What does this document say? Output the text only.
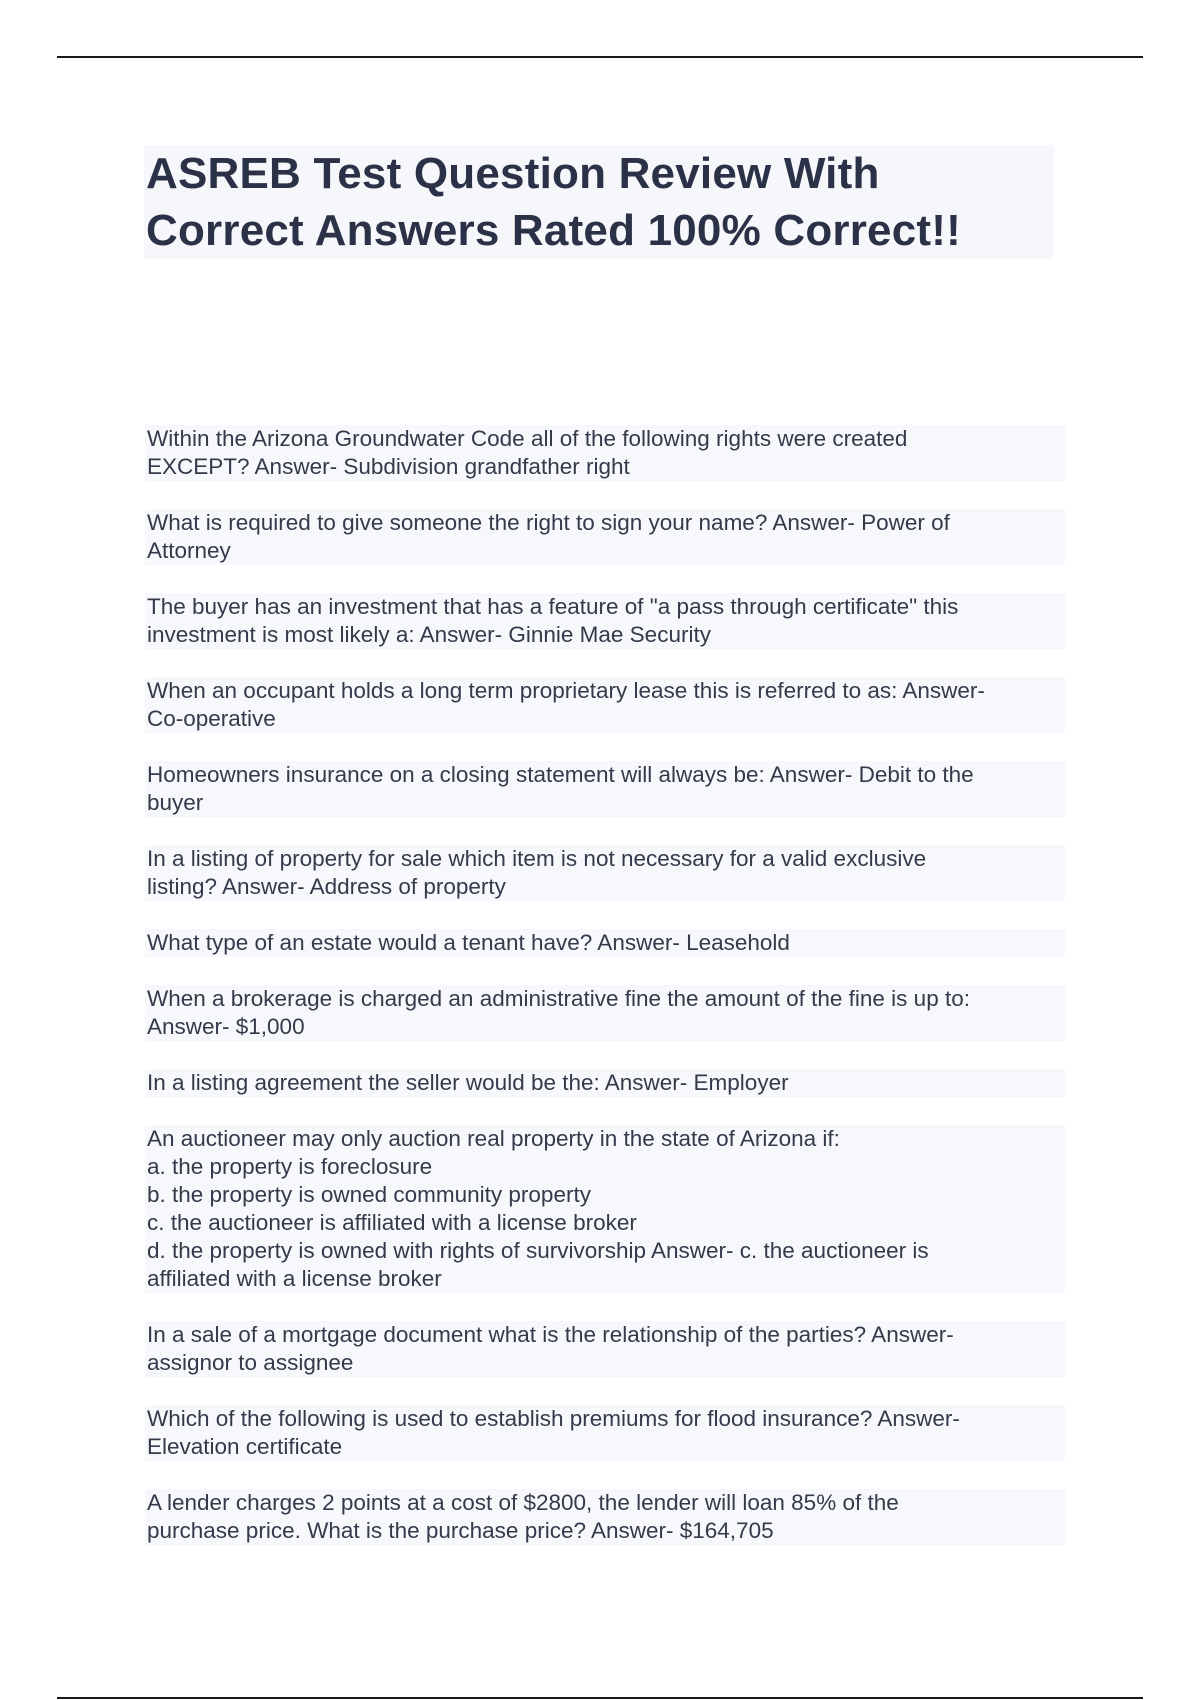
ASREB Test Question Review With
Correct Answers Rated 100% Correct!!
Within the Arizona Groundwater Code all of the following rights were created
EXCEPT? Answer- Subdivision grandfather right
What is required to give someone the right to sign your name? Answer- Power of
Attorney
The buyer has an investment that has a feature of "a pass through certificate" this
investment is most likely a: Answer- Ginnie Mae Security
When an occupant holds a long term proprietary lease this is referred to as: Answer-
Co-operative
Homeowners insurance on a closing statement will always be: Answer- Debit to the
buyer
In a listing of property for sale which item is not necessary for a valid exclusive
listing? Answer- Address of property
What type of an estate would a tenant have? Answer- Leasehold
When a brokerage is charged an administrative fine the amount of the fine is up to:
Answer- $1,000
In a listing agreement the seller would be the: Answer- Employer
An auctioneer may only auction real property in the state of Arizona if:
a. the property is foreclosure
b. the property is owned community property
c. the auctioneer is affiliated with a license broker
d. the property is owned with rights of survivorship Answer- c. the auctioneer is
affiliated with a license broker
In a sale of a mortgage document what is the relationship of the parties? Answer-
assignor to assignee
Which of the following is used to establish premiums for flood insurance? Answer-
Elevation certificate
A lender charges 2 points at a cost of $2800, the lender will loan 85% of the
purchase price. What is the purchase price? Answer- $164,705
